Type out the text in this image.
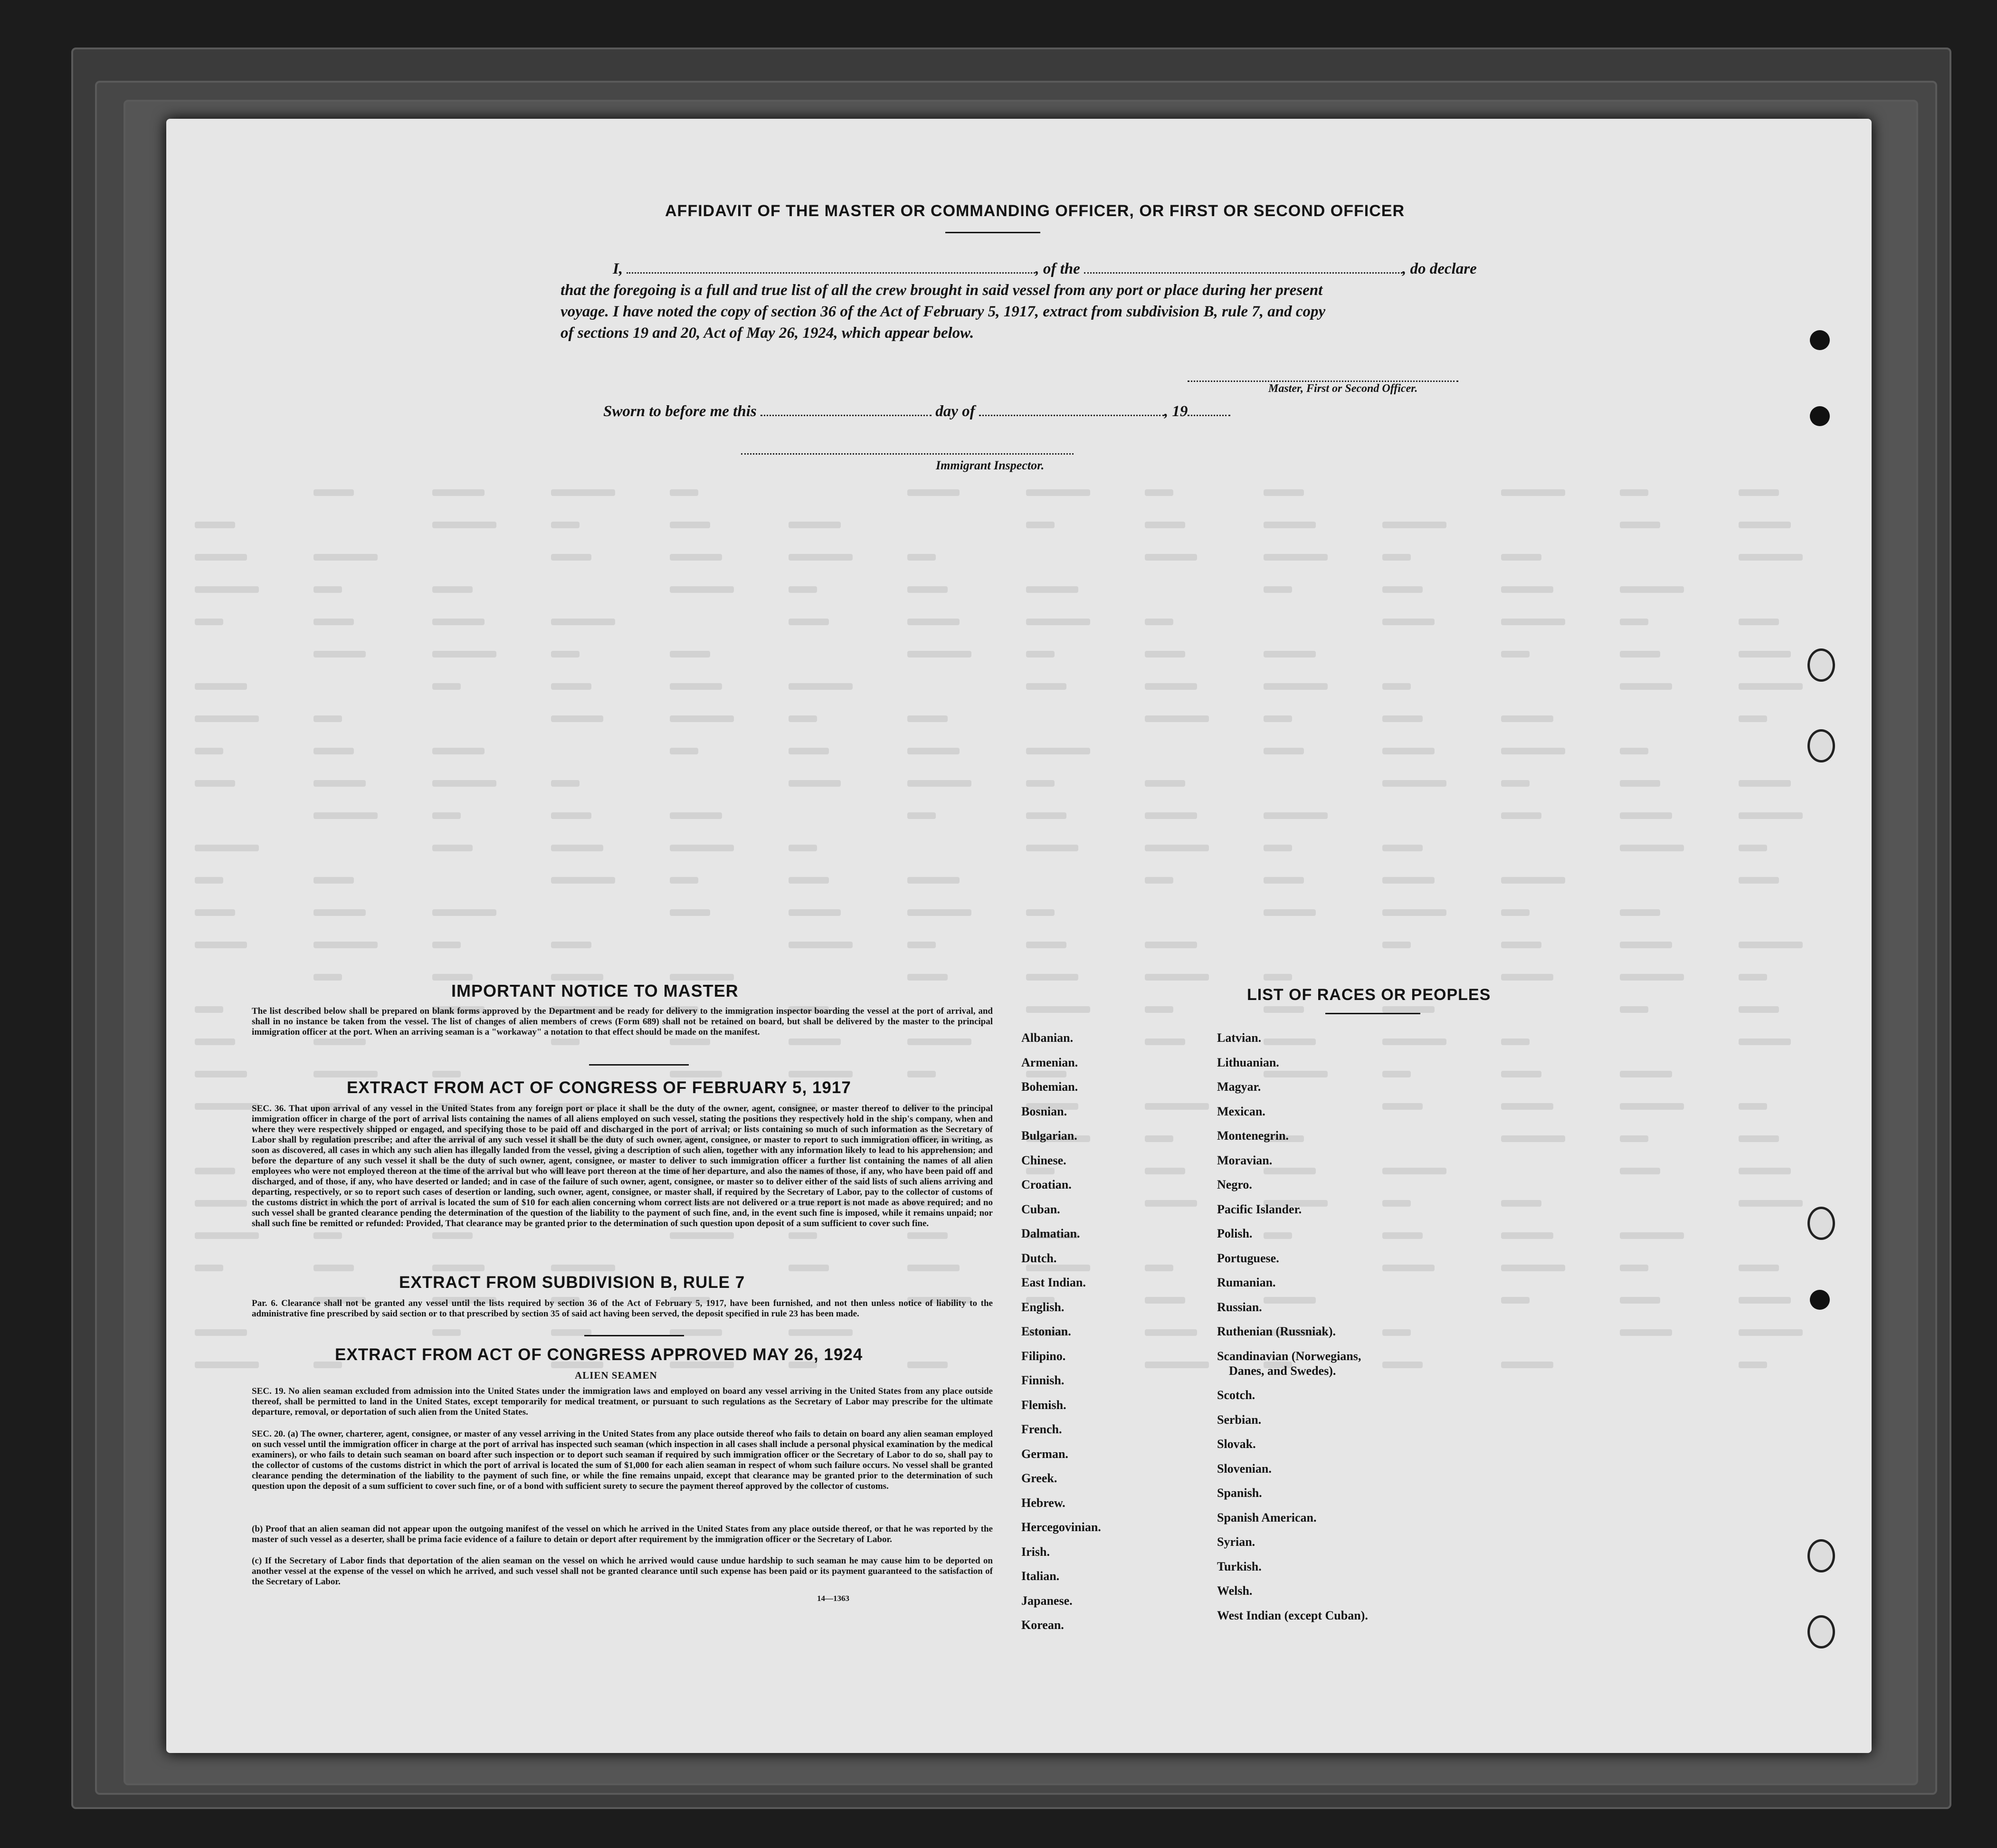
AFFIDAVIT OF THE MASTER OR COMMANDING OFFICER, OR FIRST OR SECOND OFFICER
I,	, of the	, do declare
that the foregoing is a full and true list of all the crew brought in said vessel from any port or place during her present
voyage. I have noted the copy of section 36 of the Act of February 5, 1917, extract from subdivision B, rule 7, and copy
of sections 19 and 20, Act of May 26, 1924, which appear below.
Master, First or Second Officer.
Sworn to before me this	day of	, 19
Immigrant Inspector.
IMPORTANT NOTICE TO MASTER
The list described below shall be prepared on blank forms approved by the Department and be ready for delivery to the immigration inspector boarding the vessel at the port of arrival, and shall in no instance be taken from the vessel. The list of changes of alien members of crews (Form 689) shall not be retained on board, but shall be delivered by the master to the principal immigration officer at the port. When an arriving seaman is a "workaway" a notation to that effect should be made on the manifest.
EXTRACT FROM ACT OF CONGRESS OF FEBRUARY 5, 1917
SEC. 36. That upon arrival of any vessel in the United States from any foreign port or place it shall be the duty of the owner, agent, consignee, or master thereof to deliver to the principal immigration officer in charge of the port of arrival lists containing the names of all aliens employed on such vessel, stating the positions they respectively hold in the ship's company, when and where they were respectively shipped or engaged, and specifying those to be paid off and discharged in the port of arrival; or lists containing so much of such information as the Secretary of Labor shall by regulation prescribe; and after the arrival of any such vessel it shall be the duty of such owner, agent, consignee, or master to report to such immigration officer, in writing, as soon as discovered, all cases in which any such alien has illegally landed from the vessel, giving a description of such alien, together with any information likely to lead to his apprehension; and before the departure of any such vessel it shall be the duty of such owner, agent, consignee, or master to deliver to such immigration officer a further list containing the names of all alien employees who were not employed thereon at the time of the arrival but who will leave port thereon at the time of her departure, and also the names of those, if any, who have been paid off and discharged, and of those, if any, who have deserted or landed; and in case of the failure of such owner, agent, consignee, or master so to deliver either of the said lists of such aliens arriving and departing, respectively, or so to report such cases of desertion or landing, such owner, agent, consignee, or master shall, if required by the Secretary of Labor, pay to the collector of customs of the customs district in which the port of arrival is located the sum of $10 for each alien concerning whom correct lists are not delivered or a true report is not made as above required; and no such vessel shall be granted clearance pending the determination of the question of the liability to the payment of such fine, and, in the event such fine is imposed, while it remains unpaid; nor shall such fine be remitted or refunded: Provided, That clearance may be granted prior to the determination of such question upon deposit of a sum sufficient to cover such fine.
EXTRACT FROM SUBDIVISION B, RULE 7
Par. 6. Clearance shall not be granted any vessel until the lists required by section 36 of the Act of February 5, 1917, have been furnished, and not then unless notice of liability to the administrative fine prescribed by said section or to that prescribed by section 35 of said act having been served, the deposit specified in rule 23 has been made.
EXTRACT FROM ACT OF CONGRESS APPROVED MAY 26, 1924
ALIEN SEAMEN
SEC. 19. No alien seaman excluded from admission into the United States under the immigration laws and employed on board any vessel arriving in the United States from any place outside thereof, shall be permitted to land in the United States, except temporarily for medical treatment, or pursuant to such regulations as the Secretary of Labor may prescribe for the ultimate departure, removal, or deportation of such alien from the United States.
SEC. 20. (a) The owner, charterer, agent, consignee, or master of any vessel arriving in the United States from any place outside thereof who fails to detain on board any alien seaman employed on such vessel until the immigration officer in charge at the port of arrival has inspected such seaman (which inspection in all cases shall include a personal physical examination by the medical examiners), or who fails to detain such seaman on board after such inspection or to deport such seaman if required by such immigration officer or the Secretary of Labor to do so, shall pay to the collector of customs of the customs district in which the port of arrival is located the sum of $1,000 for each alien seaman in respect of whom such failure occurs. No vessel shall be granted clearance pending the determination of the liability to the payment of such fine, or while the fine remains unpaid, except that clearance may be granted prior to the determination of such question upon the deposit of a sum sufficient to cover such fine, or of a bond with sufficient surety to secure the payment thereof approved by the collector of customs.
(b) Proof that an alien seaman did not appear upon the outgoing manifest of the vessel on which he arrived in the United States from any place outside thereof, or that he was reported by the master of such vessel as a deserter, shall be prima facie evidence of a failure to detain or deport after requirement by the immigration officer or the Secretary of Labor.
(c) If the Secretary of Labor finds that deportation of the alien seaman on the vessel on which he arrived would cause undue hardship to such seaman he may cause him to be deported on another vessel at the expense of the vessel on which he arrived, and such vessel shall not be granted clearance until such expense has been paid or its payment guaranteed to the satisfaction of the Secretary of Labor.
14—1363
LIST OF RACES OR PEOPLES
Albanian.
Armenian.
Bohemian.
Bosnian.
Bulgarian.
Chinese.
Croatian.
Cuban.
Dalmatian.
Dutch.
East Indian.
English.
Estonian.
Filipino.
Finnish.
Flemish.
French.
German.
Greek.
Hebrew.
Hercegovinian.
Irish.
Italian.
Japanese.
Korean.
Latvian.
Lithuanian.
Magyar.
Mexican.
Montenegrin.
Moravian.
Negro.
Pacific Islander.
Polish.
Portuguese.
Rumanian.
Russian.
Ruthenian (Russniak).
Scandinavian (Norwegians,
Danes, and Swedes).
Scotch.
Serbian.
Slovak.
Slovenian.
Spanish.
Spanish American.
Syrian.
Turkish.
Welsh.
West Indian (except Cuban).
